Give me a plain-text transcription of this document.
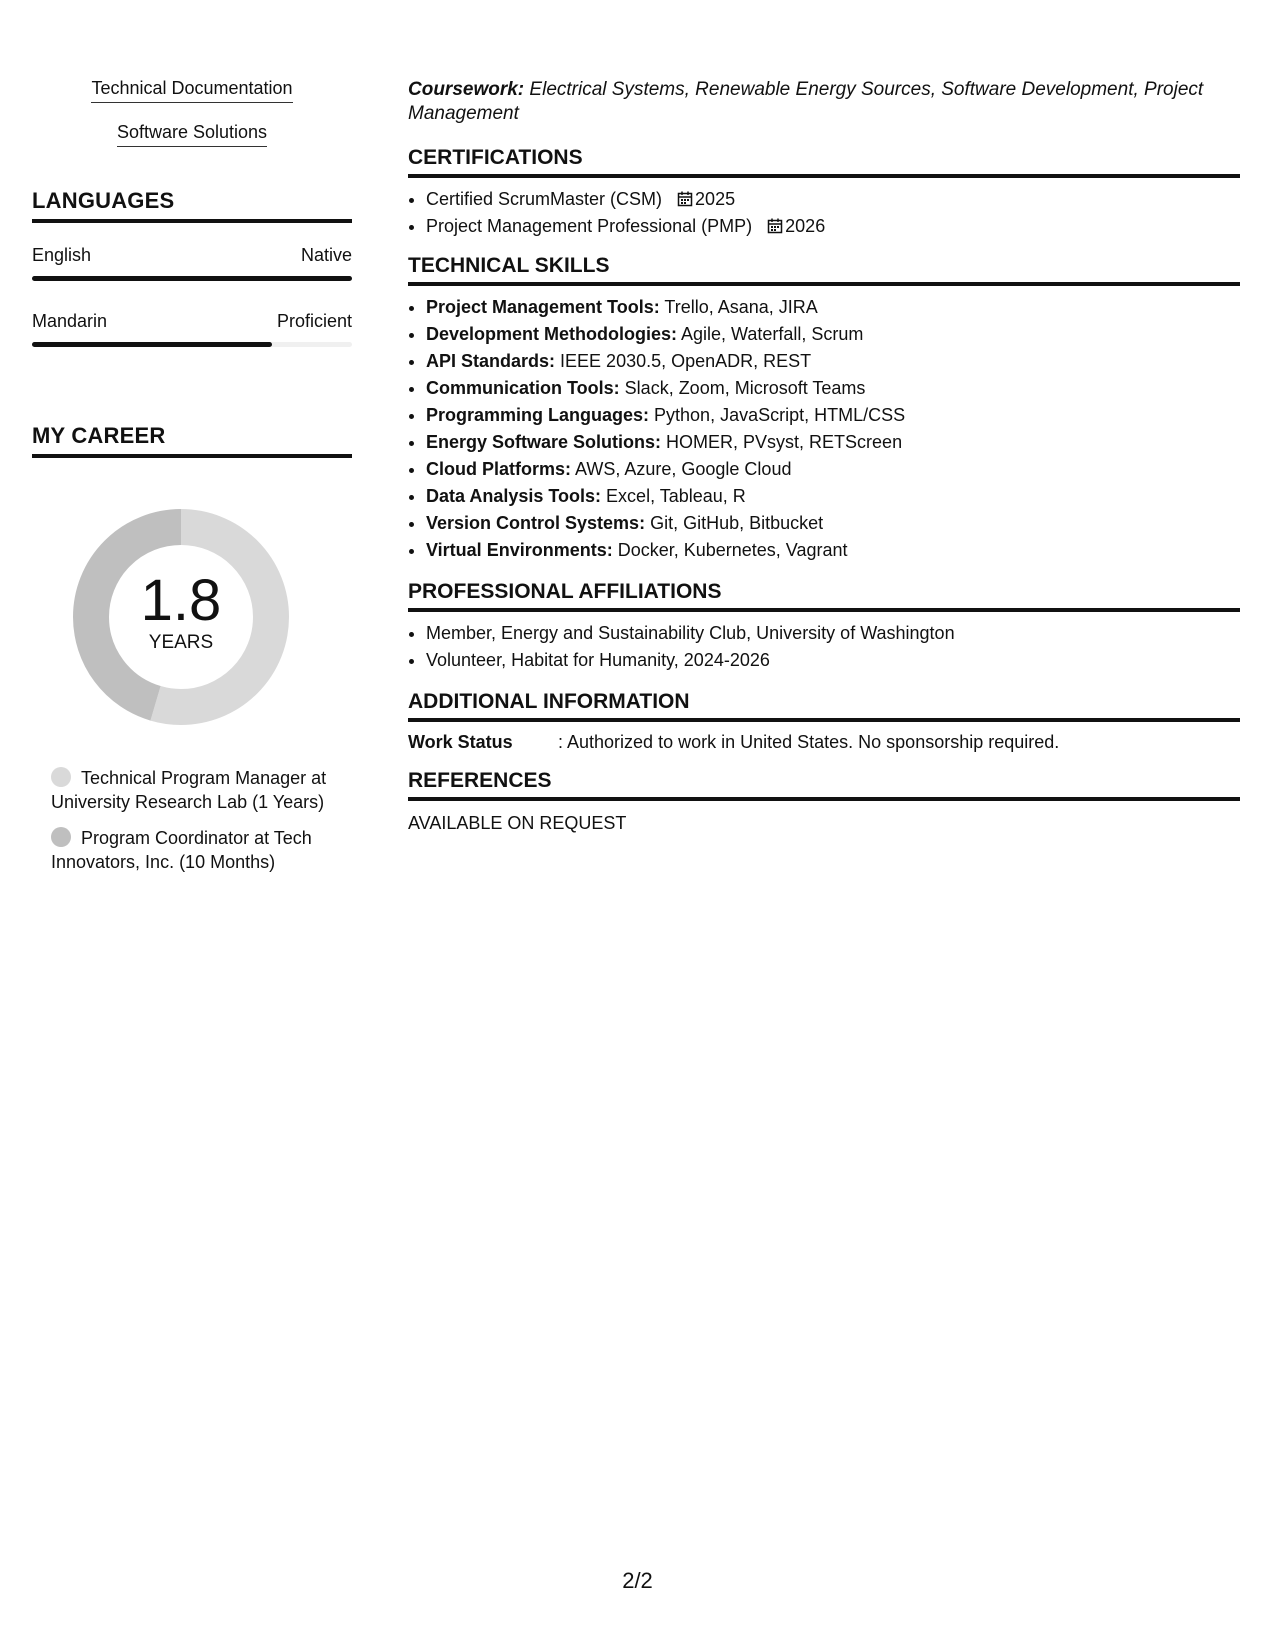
Technical Documentation
Software Solutions
LANGUAGES
English	Native
Mandarin	Proficient
MY CAREER
1.8
YEARS
Technical Program Manager at University Research Lab (1 Years)
Program Coordinator at Tech Innovators, Inc. (10 Months)
Coursework: Electrical Systems, Renewable Energy Sources, Software Development, Project Management
CERTIFICATIONS
• Certified ScrumMaster (CSM) 2025
• Project Management Professional (PMP) 2026
TECHNICAL SKILLS
• Project Management Tools: Trello, Asana, JIRA
• Development Methodologies: Agile, Waterfall, Scrum
• API Standards: IEEE 2030.5, OpenADR, REST
• Communication Tools: Slack, Zoom, Microsoft Teams
• Programming Languages: Python, JavaScript, HTML/CSS
• Energy Software Solutions: HOMER, PVsyst, RETScreen
• Cloud Platforms: AWS, Azure, Google Cloud
• Data Analysis Tools: Excel, Tableau, R
• Version Control Systems: Git, GitHub, Bitbucket
• Virtual Environments: Docker, Kubernetes, Vagrant
PROFESSIONAL AFFILIATIONS
• Member, Energy and Sustainability Club, University of Washington
• Volunteer, Habitat for Humanity, 2024-2026
ADDITIONAL INFORMATION
Work Status	: Authorized to work in United States. No sponsorship required.
REFERENCES
AVAILABLE ON REQUEST
2/2
